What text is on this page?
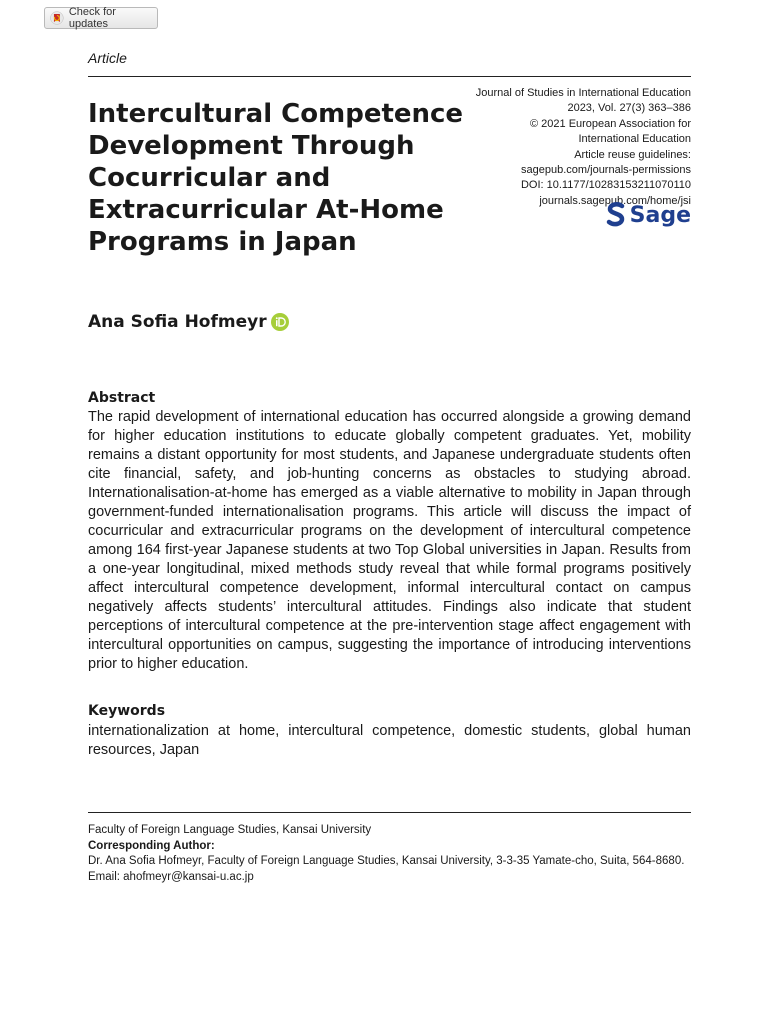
Check for updates
Article
Intercultural Competence Development Through Cocurricular and Extracurricular At-Home Programs in Japan
Journal of Studies in International Education
2023, Vol. 27(3) 363–386
© 2021 European Association for
International Education
Article reuse guidelines:
sagepub.com/journals-permissions
DOI: 10.1177/10283153211070110
journals.sagepub.com/home/jsi
Sage
Ana Sofia Hofmeyr
Abstract

The rapid development of international education has occurred alongside a growing demand for higher education institutions to educate globally competent graduates. Yet, mobility remains a distant opportunity for most students, and Japanese undergraduate students often cite financial, safety, and job-hunting concerns as obstacles to studying abroad. Internationalisation-at-home has emerged as a viable alternative to mobility in Japan through government-funded internationalisation programs. This article will discuss the impact of cocurricular and extracurricular programs on the development of intercultural competence among 164 first-year Japanese students at two Top Global universities in Japan. Results from a one-year longitudinal, mixed methods study reveal that while formal programs positively affect intercultural competence development, informal intercultural contact on campus negatively affects students’ intercultural attitudes. Findings also indicate that student perceptions of intercultural competence at the pre-intervention stage affect engagement with intercultural opportunities on campus, suggesting the importance of introducing interventions prior to higher education.

Keywords

internationalization at home, intercultural competence, domestic students, global human resources, Japan

Faculty of Foreign Language Studies, Kansai University
Corresponding Author:
Dr. Ana Sofia Hofmeyr, Faculty of Foreign Language Studies, Kansai University, 3-3-35 Yamate-cho, Suita, 564-8680.
Email: ahofmeyr@kansai-u.ac.jp
